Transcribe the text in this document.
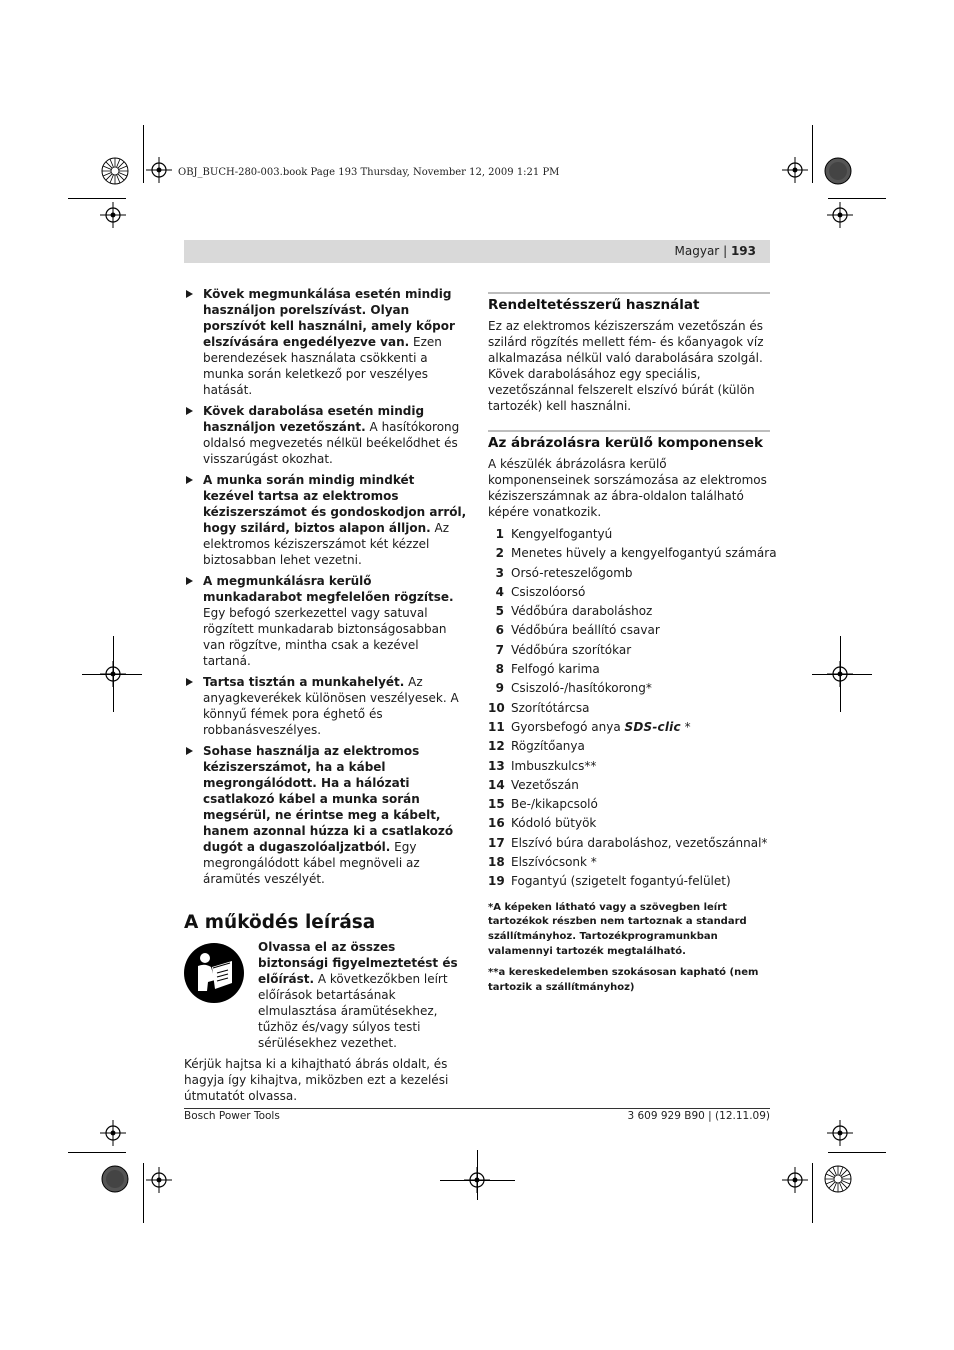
OBJ_BUCH-280-003.book Page 193 Thursday, November 12, 2009 1:21 PM
Magyar | 193
Kövek megmunkálása esetén mindig használjon porelszívást. Olyan porszívót kell használni, amely kőpor elszívására engedélyezve van. Ezen berendezések használata csökkenti a munka során keletkező por veszélyes hatását.
Kövek darabolása esetén mindig használjon vezetőszánt. A hasítókorong oldalsó megvezetés nélkül beékelődhet és visszarúgást okozhat.
A munka során mindig mindkét kezével tartsa az elektromos kéziszerszámot és gondoskodjon arról, hogy szilárd, biztos alapon álljon. Az elektromos kéziszerszámot két kézzel biztosabban lehet vezetni.
A megmunkálásra kerülő munkadarabot megfelelően rögzítse. Egy befogó szerkezettel vagy satuval rögzített munkadarab biztonságosabban van rögzítve, mintha csak a kezével tartaná.
Tartsa tisztán a munkahelyét. Az anyagkeverékek különösen veszélyesek. A könnyű fémek pora éghető és robbanásveszélyes.
Sohase használja az elektromos kéziszerszámot, ha a kábel megrongálódott. Ha a hálózati csatlakozó kábel a munka során megsérül, ne érintse meg a kábelt, hanem azonnal húzza ki a csatlakozó dugót a dugaszolóaljzatból. Egy megrongálódott kábel megnöveli az áramütés veszélyét.
A működés leírása
Olvassa el az összes biztonsági figyelmeztetést és előírást. A következőkben leírt előírások betartásának elmulasztása áramütésekhez, tűzhöz és/vagy súlyos testi sérülésekhez vezethet.
Kérjük hajtsa ki a kihajtható ábrás oldalt, és hagyja így kihajtva, miközben ezt a kezelési útmutatót olvassa.
Rendeltetésszerű használat
Ez az elektromos kéziszerszám vezetőszán és szilárd rögzítés mellett fém- és kőanyagok víz alkalmazása nélkül való darabolására szolgál. Kövek darabolásához egy speciális, vezetőszánnal felszerelt elszívó búrát (külön tartozék) kell használni.
Az ábrázolásra kerülő komponensek
A készülék ábrázolásra kerülő komponenseinek sorszámozása az elektromos kéziszerszámnak az ábra-oldalon található képére vonatkozik.
1 Kengyelfogantyú
2 Menetes hüvely a kengyelfogantyú számára
3 Orsó-reteszelőgomb
4 Csiszolóorsó
5 Védőbúra daraboláshoz
6 Védőbúra beállító csavar
7 Védőbúra szorítókar
8 Felfogó karima
9 Csiszoló-/hasítókorong*
10 Szorítótárcsa
11 Gyorsbefogó anya SDS-clic *
12 Rögzítőanya
13 Imbuszkulcs**
14 Vezetőszán
15 Be-/kikapcsoló
16 Kódoló bütyök
17 Elszívó búra daraboláshoz, vezetőszánnal*
18 Elszívócsonk *
19 Fogantyú (szigetelt fogantyú-felület)
*A képeken látható vagy a szövegben leírt tartozékok részben nem tartoznak a standard szállítmányhoz. Tartozékprogramunkban valamennyi tartozék megtalálható.
**a kereskedelemben szokásosan kapható (nem tartozik a szállítmányhoz)
Bosch Power Tools	3 609 929 B90 | (12.11.09)
